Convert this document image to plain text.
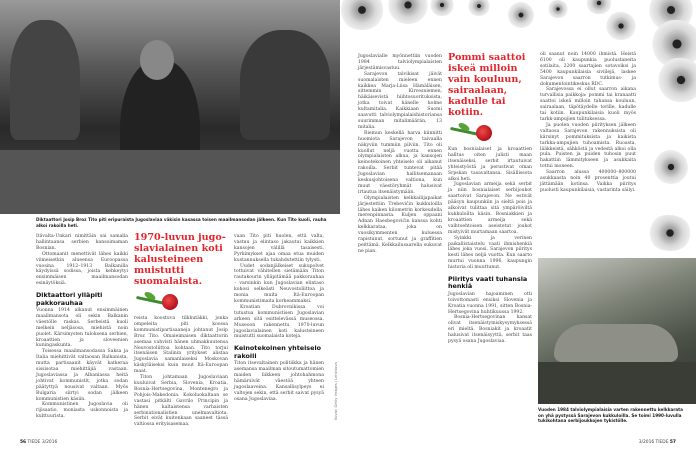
Diktaattori Josip Broz Tito piti eripuraista Jugoslaviaa väkisin kasassa toisen maailmansodan jälkeen. Kun Tito kuoli, rauha alkoi rakoilla heti.

Itävalta-Unkari nimittäin sai samalla hallintaansa serbien kansoimaman Bosnian.

Ottomaanit menettivät lähes kaikki viimeisetkin alueensa Euroopassa vuosina 1912–1913 Balkanilla käydyissä sodissa, joista kehkeytyi ensimmäisen maailmansodan esinäytöksiä.

Diktaattori ylläpiti pakkorauhaa

Vuonna 1914 alkanut ensimmäinen maailmansota oli sekin Balkanin väestölle raskas. Serbeistä kuoli melkein neljäsosa, miehistä noin puolet. Kärsimysten tuloksena serbien, kroaattien ja sloveenien kuningaskunta.

Toisessa maailmansodassa Saksa ja Italia miehittivät valtaosan Balkanista, mutta partisaanit käyvät katkeraa sissisotaa miehittäjiä vastaan. Jugoslaviassa ja Albaniassa heitä johtivat kommunistit, jotka sodan päätyttyä nousivat valtaan. Myös Bulgaria siirtyi sodan jälkeen kommunistien käsiin.

Kommunistinen Jugoslavia oli rijisaatio, moniasta uskonnoista ja kulttuurista.

1970-luvun jugoslavialainen koti kalusteineen muistutti suomalaista.

reista koostuva tilkkutäkki, jonka ompeleita piti koossa kommunistipartisaaneja johtanut Josip Broz Tito. Omaleimaisen diktaattorin asemaa vahvisti hänen uhmakkuutensa Neuvostoliittoa kohtaan. Tito torjui itsenäisen Stalinin yritykset alistaa Jugoslavia samanlaiseksi Moskovan käskyläiseksi kuin muut Itä-Euroopan maat.

Titon johtamaan Jugoslaviaan kuuluivat Serbia, Slovenia, Kroatia, Bosnia-Hertsegovina, Montenegro ja Pohjois-Makedonia. Kokoluokaltaan se vastasi pitkälti Gavrilo Principin ja hänen kaltaistensa varhaisten serbinationalistien unelmavaltiota. Serbit eivät kuitenkaan saaneet tässä valtiossa erityisasemaa,

vaan Tito piti huolen, että valta, vastuu ja elintaso jakautui kaikkien kansojen välillä tasaisesti. Pyrkimykset ajaa omaa etua muiden kustannuksella tukahdutettiin tylysti.

Uudet sodanjälkeiset sukupolvet tottuivat vähitellen sietämään Titon rautakourin ylläpitämää pakkorauhaa – varsinkin kun Jugoslavian elintaso kohosi selkeästi Neuvostoliittoa ja monia muita Itä-Euroopan kommunistimaita korkeammaksi.

Kroatian Dubrovnikissa voi tutustua kommunistisen Jugoslavian arkeen sitä esittelevässä museossa. Museoon rakennettu 1970-luvun jugoslavialainen koti kalusteineen muistutti suomalaista koteja.

Keinotekoinen yhteiselo rakoili

Titon itsevaltainen politiikka ja hänen asemansa maailman sitoutumattomien maiden liikkeen johtohahmona hämärsivät väestöä yhteen jugoslaaveina. Kansallisylpeys ei valtojen sekin, että serbit saivat pysyä osana Jugoslaviaa.	Kuvat: Getty Images / Lehtikuva
56 TIEDE 3/2016

Jugoslavialle myönnettiin vuoden 1984 talviolympialaisten järjestämisvastuu.

Sarajevon talvikisat jäivät suomalaisten mieleen ennen kaikkea Marja-Liisa Hämäläisen, sittemmin Kirvesniemen, häikäisevistä hiihtosuorituksista, jotka toivat hänelle kolme kultamitalia. Kaikkiaan Suomi saavutti talviolympialaishistoriansa suurimman mitalimäärän, 13 mitalia.

Riemun keskellä harva kiinnitti huomiota Sarajevon taivaalla näkyviin tummiin pilviin. Tito oli kuollut neljä vuotta ennen olympialaisten alkua, ja kansojen keinotekoinen yhteiselo oli alkanut rakoilla. Serbit tuntevat pitää Jugoslavian hallitsemanaan keskusjohtoisena valtiona, kun muut väestöryhmät halusivat irtautua itsenäistymään.

Olympialaisten kelkkailijapaikat järjestettiin Trebevićin kukkuloilla lähes kaiken kilometrin korkeudella merenpinnasta. Kuljen oppaani Adnan Haesbegovićin kanssa kohti kelkkarataa, joka on vuosikymmenten kuluessa rapistunut, sortunut ja graffitien peittämä. Kelkkailusaarella sukuvat ne pian.

Pommi saattoi iskeä milloin vain kouluun, sairaalaan, kadulle tai kotiin.

Kun bosnialaiset ja kroaattien halltus oiten julisti maan itsenäiseksi, serbit irtautuivat yhteistyöstä ja perustivat oman Srpskan tasavaltansa. Sisällissota alkoi heti.

Jugoslavian armeija sekä serbit ja niin bosnialaiset serbijoukot saartoivat Sarajevon. Ne estivät pääsyn kaupunkiin ja sieltä pois ja alkoivat tulittaa sitä ympäröiviltä kukkuloilta käsin. Bosniakkien ja kroaattien armeija sekä vaihtoehtoisen aseistetut joukot mistyivät murtamaan saartoa.

Syinkki ja verinen paikallistaistelu vaati ihmishenkiä lähes joka vuosi. Sarajevon piiritys kesti lähes neljä vuotta. Kun saarto murtui vuonna 1996, kaupungin historia oli muuttunut.

Piiritys vaati tuhansia henkiä

Jugoslavian hajoaminen otti toivottomasti ensiksi Slovenia ja Kroatia vuonna 1991, sitten Bosnia-Hertsegovina huhtikuussa 1992.

Bosnia-Hertsegovinan kansat olivat itsenäistymiskysymyksessä eri mieltä. Bosniakit ja kroaatit halusivat itsenäisyyttä, serbit taas pysyä osana Jugoslaviaa.

oli saanut noin 14000 ihmistä. Heistä 6100 oli kaupunkia puolustaneita sotilaita, 2200 saartajien sotavoiksi ja 5400 kaupunkilaisia siviilejä, laskee Sarajevon saarron tutkimus- ja dokumentointikeskus RDC.

Sarajevossa ei ollut saarron aikana turvallisia paikkoja: pommi tai kranaatti saattoi iskeä milloin tahansa kouluun, sairaalaan, täpötäydelle torille, kadulle tai kotiin. Kaupunkilaisia kuoli myös tarkk-ampujien tulituksessa.

Ja puolen vuoden piirityksen jälkeen valtaosa Sarajevon rakennuksista oli kärsinyt pommituksista ja kaikista tarkka-ampujien tuhoamista. Ruoasta, lääkkeistä, sähköstä ja vedestä alkoi olla pula. Puisten ja puiden tuhosin puut hakattiin lämmitykseen ja asukkaita tottui moneen.

Saarron alussa 400000–800000 asukkaasta noin 40 prosenttia joutui jättämään kotinsa. Vaikka piiritys puolusti kaupunkilaisia, vastarinta säilyi.

Vuoden 1984 talviolympialaisia varten rakennettu kelkkarata on yhä pystyssä Sarajevon kukkuloilla. Se toimi 1990-luvulla tukikohtana serbijoukkojen tykistölle.
3/2016 TIEDE 57
